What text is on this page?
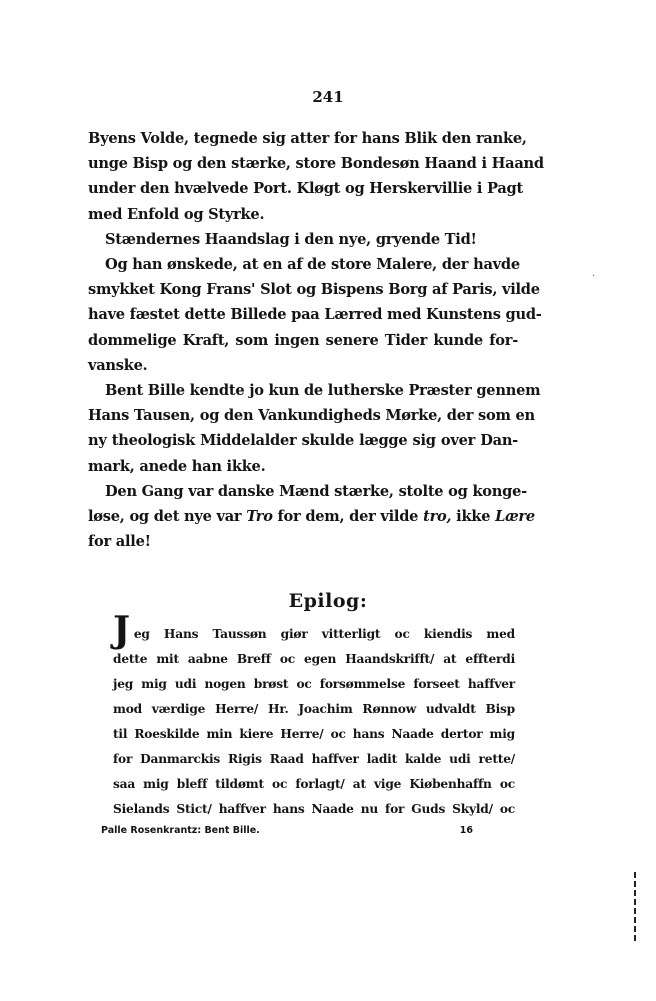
241
Byens Volde, tegnede sig atter for hans Blik den ranke,
unge Bisp og den stærke, store Bondesøn Haand i Haand
under den hvælvede Port. Kløgt og Herskervillie i Pagt
med Enfold og Styrke.
Stændernes Haandslag i den nye, gryende Tid!
Og han ønskede, at en af de store Malere, der havde
smykket Kong Frans' Slot og Bispens Borg af Paris, vilde
have fæstet dette Billede paa Lærred med Kunstens gud-
dommelige Kraft, som ingen senere Tider kunde for-
vanske.
Bent Bille kendte jo kun de lutherske Præster gennem
Hans Tausen, og den Vankundigheds Mørke, der som en
ny theologisk Middelalder skulde lægge sig over Dan-
mark, anede han ikke.
Den Gang var danske Mænd stærke, stolte og konge-
løse, og det nye var Tro for dem, der vilde tro, ikke Lære
for alle!
Epilog:
Jeg Hans Taussøn giør vitterligt oc kiendis med
dette mit aabne Breff oc egen Haandskrifft/ at effterdi
jeg mig udi nogen brøst oc forsømmelse forseet haffver
mod værdige Herre/ Hr. Joachim Rønnow udvaldt Bisp
til Roeskilde min kiere Herre/ oc hans Naade dertor mig
for Danmarckis Rigis Raad haffver ladit kalde udi rette/
saa mig bleff tildømt oc forlagt/ at vige Kiøbenhaffn oc
Sielands Stict/ haffver hans Naade nu for Guds Skyld/ oc
Palle Rosenkrantz: Bent Bille.	16
·
